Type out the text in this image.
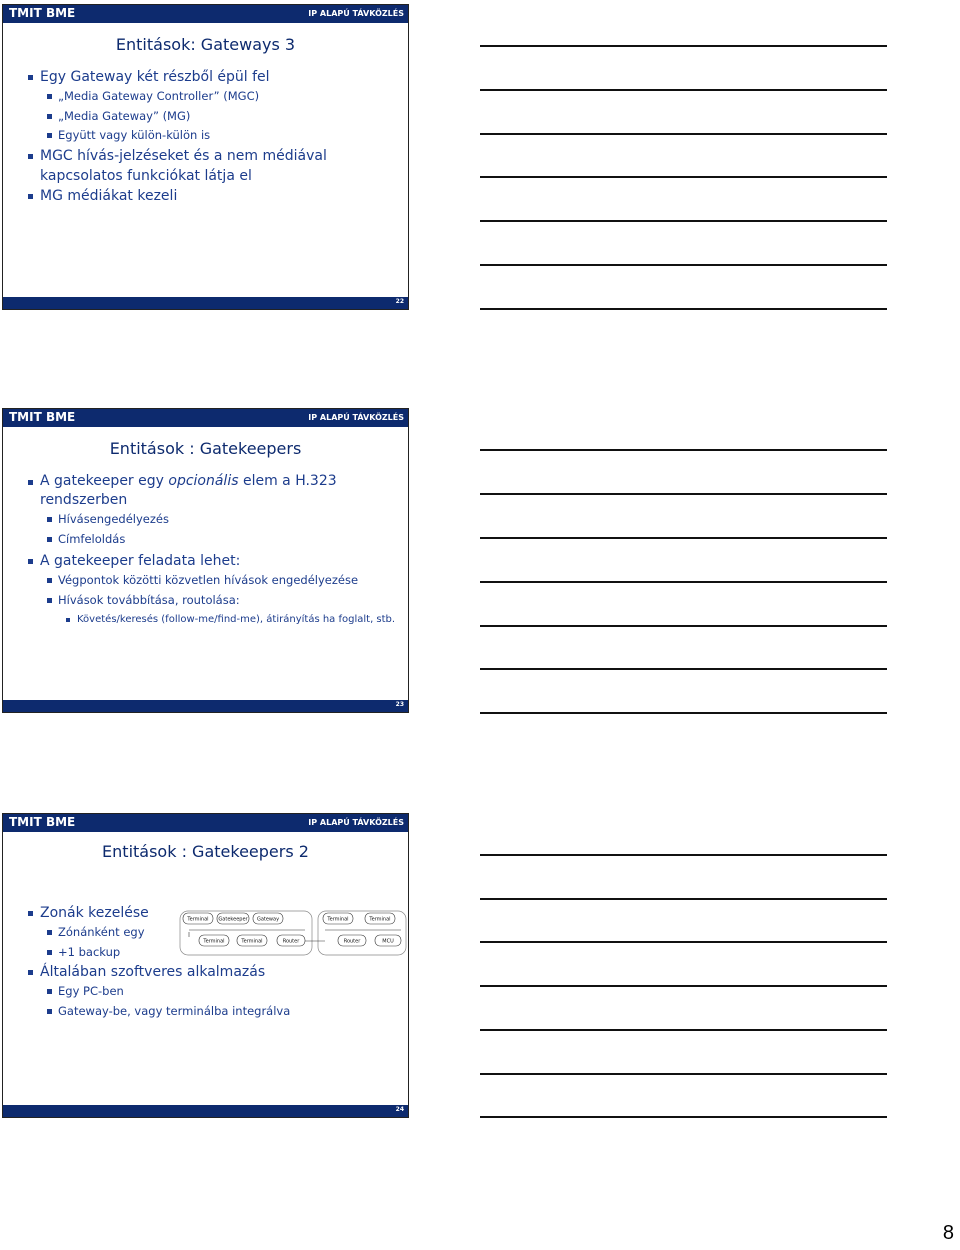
TMIT BME	IP ALAPÚ TÁVKÖZLÉS
Entitások: Gateways 3
Egy Gateway két részből épül fel
„Media Gateway Controller” (MGC)
„Media Gateway” (MG)
Együtt vagy külön-külön is
MGC hívás-jelzéseket és a nem médiával kapcsolatos funkciókat látja el
MG médiákat kezeli
22
TMIT BME	IP ALAPÚ TÁVKÖZLÉS
Entitások : Gatekeepers
A gatekeeper egy opcionális elem a H.323 rendszerben
Hívásengedélyezés
Címfeloldás
A gatekeeper feladata lehet:
Végpontok közötti közvetlen hívások engedélyezése
Hívások továbbítása, routolása:
Követés/keresés (follow-me/find-me), átirányítás ha foglalt, stb.
23
TMIT BME	IP ALAPÚ TÁVKÖZLÉS
Entitások : Gatekeepers 2
Zonák kezelése
Zónánként egy
+1 backup
Általában szoftveres alkalmazás
Egy PC-ben
Gateway-be, vagy terminálba integrálva
Terminal Gatekeeper Gateway
Terminal	Terminal	Router
Terminal	Terminal
Router	MCU
24
8
